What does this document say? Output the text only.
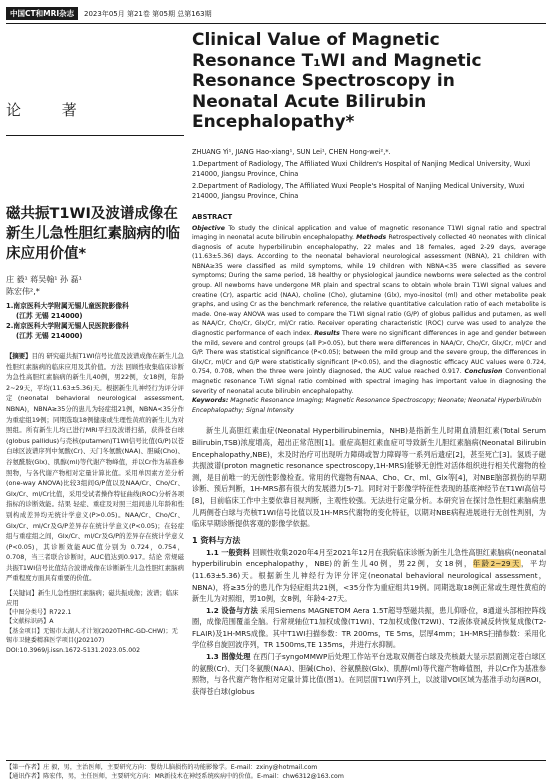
中国CT和MRI杂志	2023年05月 第21卷 第05期 总第163期
论 著
磁共振T1WI及波谱成像在新生儿急性胆红素脑病的临床应用价值*
庄 毅¹ 蒋吴翰¹ 孙 磊¹
陈宏伟²,*
1.南京医科大学附属无锡儿童医院影像科
(江苏 无锡 214000)
2.南京医科大学附属无锡人民医院影像科
(江苏 无锡 214000)
【摘要】目的 研究磁共振T1WI信号比值及波谱成像在新生儿急性胆红素脑病的临床应用及其价值。方法 回顾性收集临床诊断为急性高胆红素脑病的新生儿40例，男22例，女18例，年龄2~29天，平均(11.63±5.36)天。根据新生儿神经行为评分评定(neonatal behavioral neurological assessment, NBNA)，NBNA≥35分的患儿为轻症组21例，NBNA<35分作为重症组19例；同期选取18例健康或生理性黄疸的新生儿为对照组。所有新生儿均已进行MRI平扫及波谱扫描，获得苍白球(globus pallidus)与壳核(putamen)T1WI信号比值(G/P)以苍白球区波谱序列中氮酸(Cr)、天门冬氨酸(NAA)、胆碱(Cho)、谷氨酰胺(Glx)、肌醇(ml)等代谢产物峰值，并以Cr作为基准参照物，与各代谢产物相对定量计算比值。采用单因素方差分析(one-way ANOVA)比较3组间G/P值以及NAA/Cr、Cho/Cr、Glx/Cr、ml/Cr比值，采用受试者操作特征曲线(ROC)分析各项指标的诊断效能。结果 轻症、重症及对照三组间患儿年龄和性别构成差异均无统计学意义(P>0.05)。NAA/Cr、Cho/Cr、Glx/Cr、ml/Cr及G/P差异存在统计学意义(P<0.05)；在轻症组与重症组之间，Glx/Cr、ml/Cr及G/P的差异存在统计学意义(P<0.05)，其诊断效能AUC值分别为 0.724，0.754，0.708，当三者联合诊断时，AUC值达到0.917。结论 常规磁共振T1WI信号比值结合波谱成像在诊断新生儿急性胆红素脑病严重程度方面具有重要的价值。
【关键词】新生儿急性胆红素脑病；磁共振成像；波谱；临床应用
【中图分类号】R722.1
【文献标识码】A
【基金项目】无锡市太湖人才计划(2020THRC-GD-CHW)；无锡市卫健委精准医学项目(J202107)
DOI:10.3969/j.issn.1672-5131.2023.05.002
Clinical Value of Magnetic Resonance T₁WI and Magnetic Resonance Spectroscopy in Neonatal Acute Bilirubin Encephalopathy*
ZHUANG Yi¹, JIANG Hao-xiang¹, SUN Lei¹, CHEN Hong-wei²,*.
1.Department of Radiology, The Affiliated Wuxi Children's Hospital of Nanjing Medical University, Wuxi 214000, Jiangsu Province, China
2.Department of Radiology, The Affiliated Wuxi People's Hospital of Nanjing Medical University, Wuxi 214000, Jiangsu Province, China
ABSTRACT
Objective To study the clinical application and value of magnetic resonance T1WI signal ratio and spectral imaging in neonatal acute bilirubin encephalopathy. Methods Retrospectively collected 40 neonates with clinical diagnosis of acute hyperbilirubin encephalopathy, 22 males and 18 females, aged 2-29 days, average (11.63±5.36) days. According to the neonatal behavioral neurological assessment (NBNA), 21 children with NBNA≥35 were classified as mild symptoms, while 19 children with NBNA<35 were classified as severe symptoms; During the same period, 18 healthy or physiological jaundice newborns were selected as the control group. All newborns have undergone MR plain and spectral scans to obtain whole brain T1WI signal values and creatine (Cr), aspartic acid (NAA), choline (Cho), glutamine (Glx), myo-inositol (ml) and other metabolite peak graphs, and using Cr as the benchmark reference, the relative quantitative calculation ratio of each metabolite is made. One-way ANOVA was used to compare the T1WI signal ratio (G/P) of globus pallidus and putamen, as well as NAA/Cr, Cho/Cr, Glx/Cr, ml/Cr ratio. Receiver operating characteristic (ROC) curve was used to analyze the diagnostic performance of each index. Results There were no significant differences in age and gender between the mild, severe and control groups (all P>0.05), but there were differences in NAA/Cr, Cho/Cr, Glx/Cr, ml/Cr and G/P. There was statistical significance (P<0.05); between the mild group and the severe group, the differences in Glx/Cr, ml/Cr and G/P were statistically significant (P<0.05), and the diagnostic efficacy AUC values were 0.724, 0.754, 0.708, when the three were jointly diagnosed, the AUC value reached 0.917. Conclusion Conventional magnetic resonance T₁WI signal ratio combined with spectral imaging has important value in diagnosing the severity of neonatal acute bilirubin encephalopathy.
Keywords: Magnetic Resonance Imaging; Magnetic Resonance Spectroscopy; Neonate; Neonatal Hyperbilirubin Encephalopathy; Signal Intensity
新生儿高胆红素血症(Neonatal Hyperbilirubinemia，NHB)是指新生儿时期血清胆红素(Total Serum Bilirubin,TSB)浓度增高，超出正常范围[1]。重症高胆红素血症可导致新生儿胆红素脑病(Neonatal Bilirubin Encephalopathy,NBE)，未及时治疗可出现听力障碍或智力障碍等一系列后遗症[2]，甚至死亡[3]。氢质子磁共振波谱(proton magnetic resonance spectroscopy,1H-MRS)能够无创性对活体组织进行相关代谢物的检测，是目前唯一的无创性影像检查。常用的代谢物有NAA、Cho、Cr、ml、Glx等[4]，对NBE脑部损伤的早期诊断、预后判断，1H-MRS都有很大的发展潜力[5-7]。同时对于影像学特征性表现的基底神经节在T1WI高信号[8]，目前临床工作中主要依靠目视判断，主观性较强。无法进行定量分析。本研究旨在探讨急性胆红素脑病患儿两侧苍白球与壳核T1WI信号比值以及1H-MRS代谢物的变化特征，以期对NBE病程进展进行无创性判别，为临床早期诊断提供客观的影像学依据。
1 资料与方法
1.1 一般资料 回顾性收集2020年4月至2021年12月在我院临床诊断为新生儿急性高胆红素脑病(neonatal hyperbilirubin encephalopathy，NBE)的新生儿40例，男22例，女18例，年龄2~29天，平均(11.63±5.36)天。根据新生儿神经行为评分评定(neonatal behavioral neurological assessment，NBNA)，将≥35分的患儿作为轻症组共21例，<35分作为重症组共19例。同期选取18例正常或生理性黄疸的新生儿为对照组，男10例，女8例，年龄4-27天。
1.2 设备与方法 采用Siemens MAGNETOM Aera 1.5T超导型磁共振，患儿仰卧位，8通道头部相控阵线圈，成像范围覆盖全脑。行常规轴位T1加权成像(T1WI)、T2加权成像(T2WI)、T2液体衰减反转恢复成像(T2-FLAIR)及1H-MRS成像。其中T1WI扫描参数：TR 200ms，TE 5ms，层厚4mm；1H-MRS扫描参数：采用化学位移自旋回波序列，TR 1500ms,TE 135ms，并进行水抑制。
1.3 图像处理 在西门子syngoMMWP后处理工作站平台选取双侧苍白球及壳核最大显示层面测定苍白球区的氨酸(Cr)、天门冬氨酸(NAA)、胆碱(Cho)、谷氨酰胺(Glx)、肌醇(ml)等代谢产物峰值图，并以Cr作为基准参照物，与各代谢产物作相对定量计算比值(图1)。在同层面T1WI序列上，以波谱VOI区域为基准手动勾画ROI，获得苍白球(globus
【第一作者】庄 毅，男，主治医师，主要研究方向：婴幼儿脑损伤的功能影像学。E-mail：zxiny@hotmail.com
【通讯作者】陈宏伟，男，主任医师，主要研究方向：MR新技术在神经系统疾病中的价值。E-mail：chw6312@163.com
